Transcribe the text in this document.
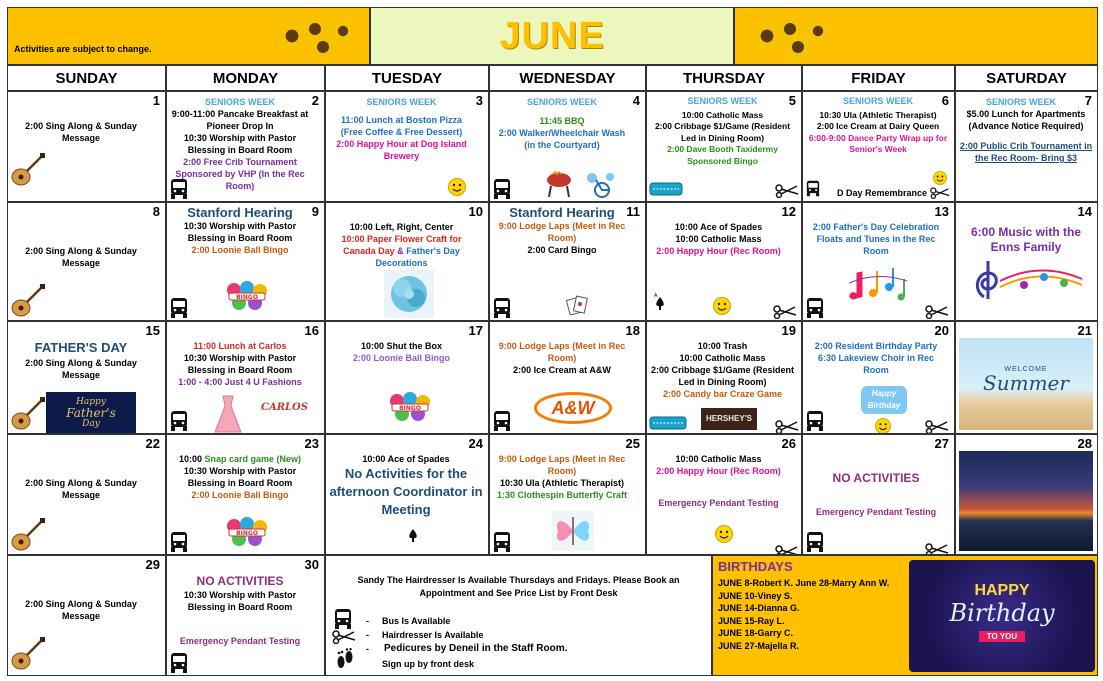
Activities are subject to change.	JUNE
SUNDAY	MONDAY	TUESDAY	WEDNESDAY	THURSDAY	FRIDAY	SATURDAY
1
2:00 Sing Along & Sunday Message
2
SENIORS WEEK
9:00-11:00 Pancake Breakfast at Pioneer Drop In
10:30 Worship with Pastor Blessing in Board Room
2:00 Free Crib Tournament Sponsored by VHP (In the Rec Room)
3
SENIORS WEEK
11:00 Lunch at Boston Pizza (Free Coffee & Free Dessert)
2:00 Happy Hour at Dog Island Brewery
4
SENIORS WEEK
11:45 BBQ
2:00 Walker/Wheelchair Wash (in the Courtyard)
5
SENIORS WEEK
10:00 Catholic Mass
2:00 Cribbage $1/Game (Resident Led in Dining Room)
2:00 Dave Booth Taxidermy Sponsored Bingo
6
SENIORS WEEK
10:30 Ula (Athletic Therapist)
2:00 Ice Cream at Dairy Queen
6:00-9:00 Dance Party Wrap up for Senior's Week
D Day Remembrance
7
SENIORS WEEK
$5.00 Lunch for Apartments (Advance Notice Required)
2:00 Public Crib Tournament in the Rec Room- Bring $3
8
2:00 Sing Along & Sunday Message
9
Stanford Hearing
10:30 Worship with Pastor Blessing in Board Room
2:00 Loonie Ball Bingo
10
10:00 Left, Right, Center
10:00 Paper Flower Craft for Canada Day & Father's Day Decorations
11
Stanford Hearing
9:00 Lodge Laps (Meet in Rec Room)
2:00 Card Bingo
12
10:00 Ace of Spades
10:00 Catholic Mass
2:00 Happy Hour (Rec Room)
A
13
2:00 Father's Day Celebration Floats and Tunes in the Rec Room
14
6:00 Music with the Enns Family
15
FATHER'S DAY
2:00 Sing Along & Sunday Message
Happy
Father's
Day
16
11:00 Lunch at Carlos
10:30 Worship with Pastor Blessing in Board Room
1:00 - 4:00 Just 4 U Fashions
CARLOS
17
10:00 Shut the Box
2:00 Loonie Ball Bingo
18
9:00 Lodge Laps (Meet in Rec Room)
2:00 Ice Cream at A&W
A&W
19
10:00 Trash
10:00 Catholic Mass
2:00 Cribbage $1/Game (Resident Led in Dining Room)
2:00 Candy bar Craze Game
HERSHEY'S
20
2:00 Resident Birthday Party
6:30 Lakeview Choir in Rec Room
Happy Birthday
21
WELCOME
Summer
22
2:00 Sing Along & Sunday Message
23
10:00 Snap card game (New)
10:30 Worship with Pastor Blessing in Board Room
2:00 Loonie Ball Bingo
24
10:00 Ace of Spades
No Activities for the afternoon Coordinator in Meeting
25
9:00 Lodge Laps (Meet in Rec Room)
10:30 Ula (Athletic Therapist)
1:30 Clothespin Butterfly Craft
26
10:00 Catholic Mass
2:00 Happy Hour (Rec Room)
Emergency Pendant Testing
27
NO ACTIVITIES
Emergency Pendant Testing
28
29
2:00 Sing Along & Sunday Message
30
NO ACTIVITIES
10:30 Worship with Pastor Blessing in Board Room
Emergency Pendant Testing
Sandy The Hairdresser Is Available Thursdays and Fridays. Please Book an Appointment and See Price List by Front Desk
- Bus Is Available
- Hairdresser Is Available
- Pedicures by Deneil in the Staff Room.
Sign up by front desk
BIRTHDAYS
JUNE 8-Robert K. June 28-Marry Ann W.
JUNE 10-Viney S.
JUNE 14-Dianna G.
JUNE 15-Ray L.
JUNE 18-Garry C.
JUNE 27-Majella R.
HAPPY
Birthday
TO YOU
